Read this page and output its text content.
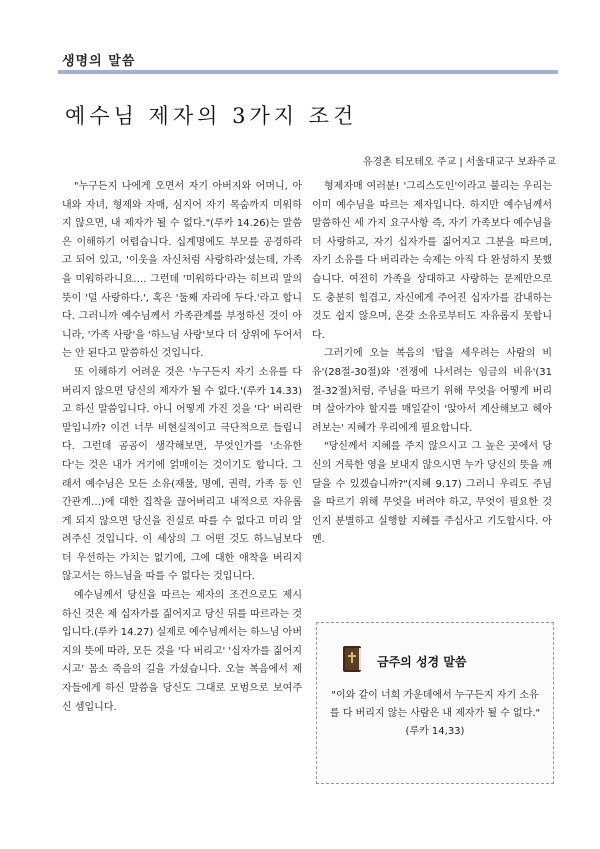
생명의 말씀
예수님 제자의 3가지 조건
유경촌 티모테오 주교 | 서울대교구 보좌주교

"누구든지 나에게 오면서 자기 아버지와 어머니, 아내와 자녀, 형제와 자매, 심지어 자기 목숨까지 미워하지 않으면, 내 제자가 될 수 없다."(루카 14.26)는 말씀은 이해하기 어렵습니다. 십계명에도 부모를 공경하라고 되어 있고, '이웃을 자신처럼 사랑하라'셨는데, 가족을 미워하라니요…. 그런데 '미워하다'라는 히브리 말의 뜻이 '덜 사랑하다.', 혹은 '둘째 자리에 두다.'라고 합니다. 그러니까 예수님께서 가족관계를 부정하신 것이 아니라, '가족 사랑'을 '하느님 사랑'보다 더 상위에 두어서는 안 된다고 말씀하신 것입니다.

또 이해하기 어려운 것은 '누구든지 자기 소유를 다 버리지 않으면 당신의 제자가 될 수 없다.'(루카 14.33)고 하신 말씀입니다. 아니 어떻게 가진 것을 '다' 버리란 말입니까? 이건 너무 비현실적이고 극단적으로 들립니다. 그런데 곰곰이 생각해보면, 무엇인가를 '소유한다'는 것은 내가 거기에 얽매이는 것이기도 합니다. 그래서 예수님은 모든 소유(재물, 명예, 권력, 가족 등 인간관계…)에 대한 집착을 끊어버리고 내적으로 자유롭게 되지 않으면 당신을 진실로 따를 수 없다고 미리 알려주신 것입니다. 이 세상의 그 어떤 것도 하느님보다 더 우선하는 가치는 없기에, 그에 대한 애착을 버리지 않고서는 하느님을 따를 수 없다는 것입니다.

예수님께서 당신을 따르는 제자의 조건으로도 제시하신 것은 제 십자가를 짊어지고 당신 뒤를 따르라는 것입니다.(루카 14.27) 실제로 예수님께서는 하느님 아버지의 뜻에 따라, 모든 것을 '다 버리고' '십자가를 짊어지시고' 몸소 죽음의 길을 가셨습니다. 오늘 복음에서 제자들에게 하신 말씀을 당신도 그대로 모범으로 보여주신 셈입니다.

형제자매 여러분! '그리스도인'이라고 불리는 우리는 이미 예수님을 따르는 제자입니다. 하지만 예수님께서 말씀하신 세 가지 요구사항 즉, 자기 가족보다 예수님을 더 사랑하고, 자기 십자가를 짊어지고 그분을 따르며, 자기 소유를 다 버리라는 숙제는 아직 다 완성하지 못했습니다. 여전히 가족을 상대하고 사랑하는 문제만으로도 충분히 힘겹고, 자신에게 주어진 십자가를 감내하는 것도 쉽지 않으며, 온갖 소유로부터도 자유롭지 못합니다.

그러기에 오늘 복음의 '탑을 세우려는 사람의 비유'(28절-30절)와 '전쟁에 나서려는 임금의 비유'(31절-32절)처럼, 주님을 따르기 위해 무엇을 어떻게 버리며 살아가야 할지를 매일같이 '앉아서 계산해보고 헤아려보는' 지혜가 우리에게 필요합니다.

"당신께서 지혜를 주지 않으시고 그 높은 곳에서 당신의 거룩한 영을 보내지 않으시면 누가 당신의 뜻을 깨달을 수 있겠습니까?"(지혜 9.17) 그러니 우리도 주님을 따르기 위해 무엇을 버려야 하고, 무엇이 필요한 것인지 분별하고 실행할 지혜를 주십사고 기도합시다. 아멘.

금주의 성경 말씀
"이와 같이 너희 가운데에서 누구든지 자기 소유를 다 버리지 않는 사람은 내 제자가 될 수 없다."
(루카 14,33)
